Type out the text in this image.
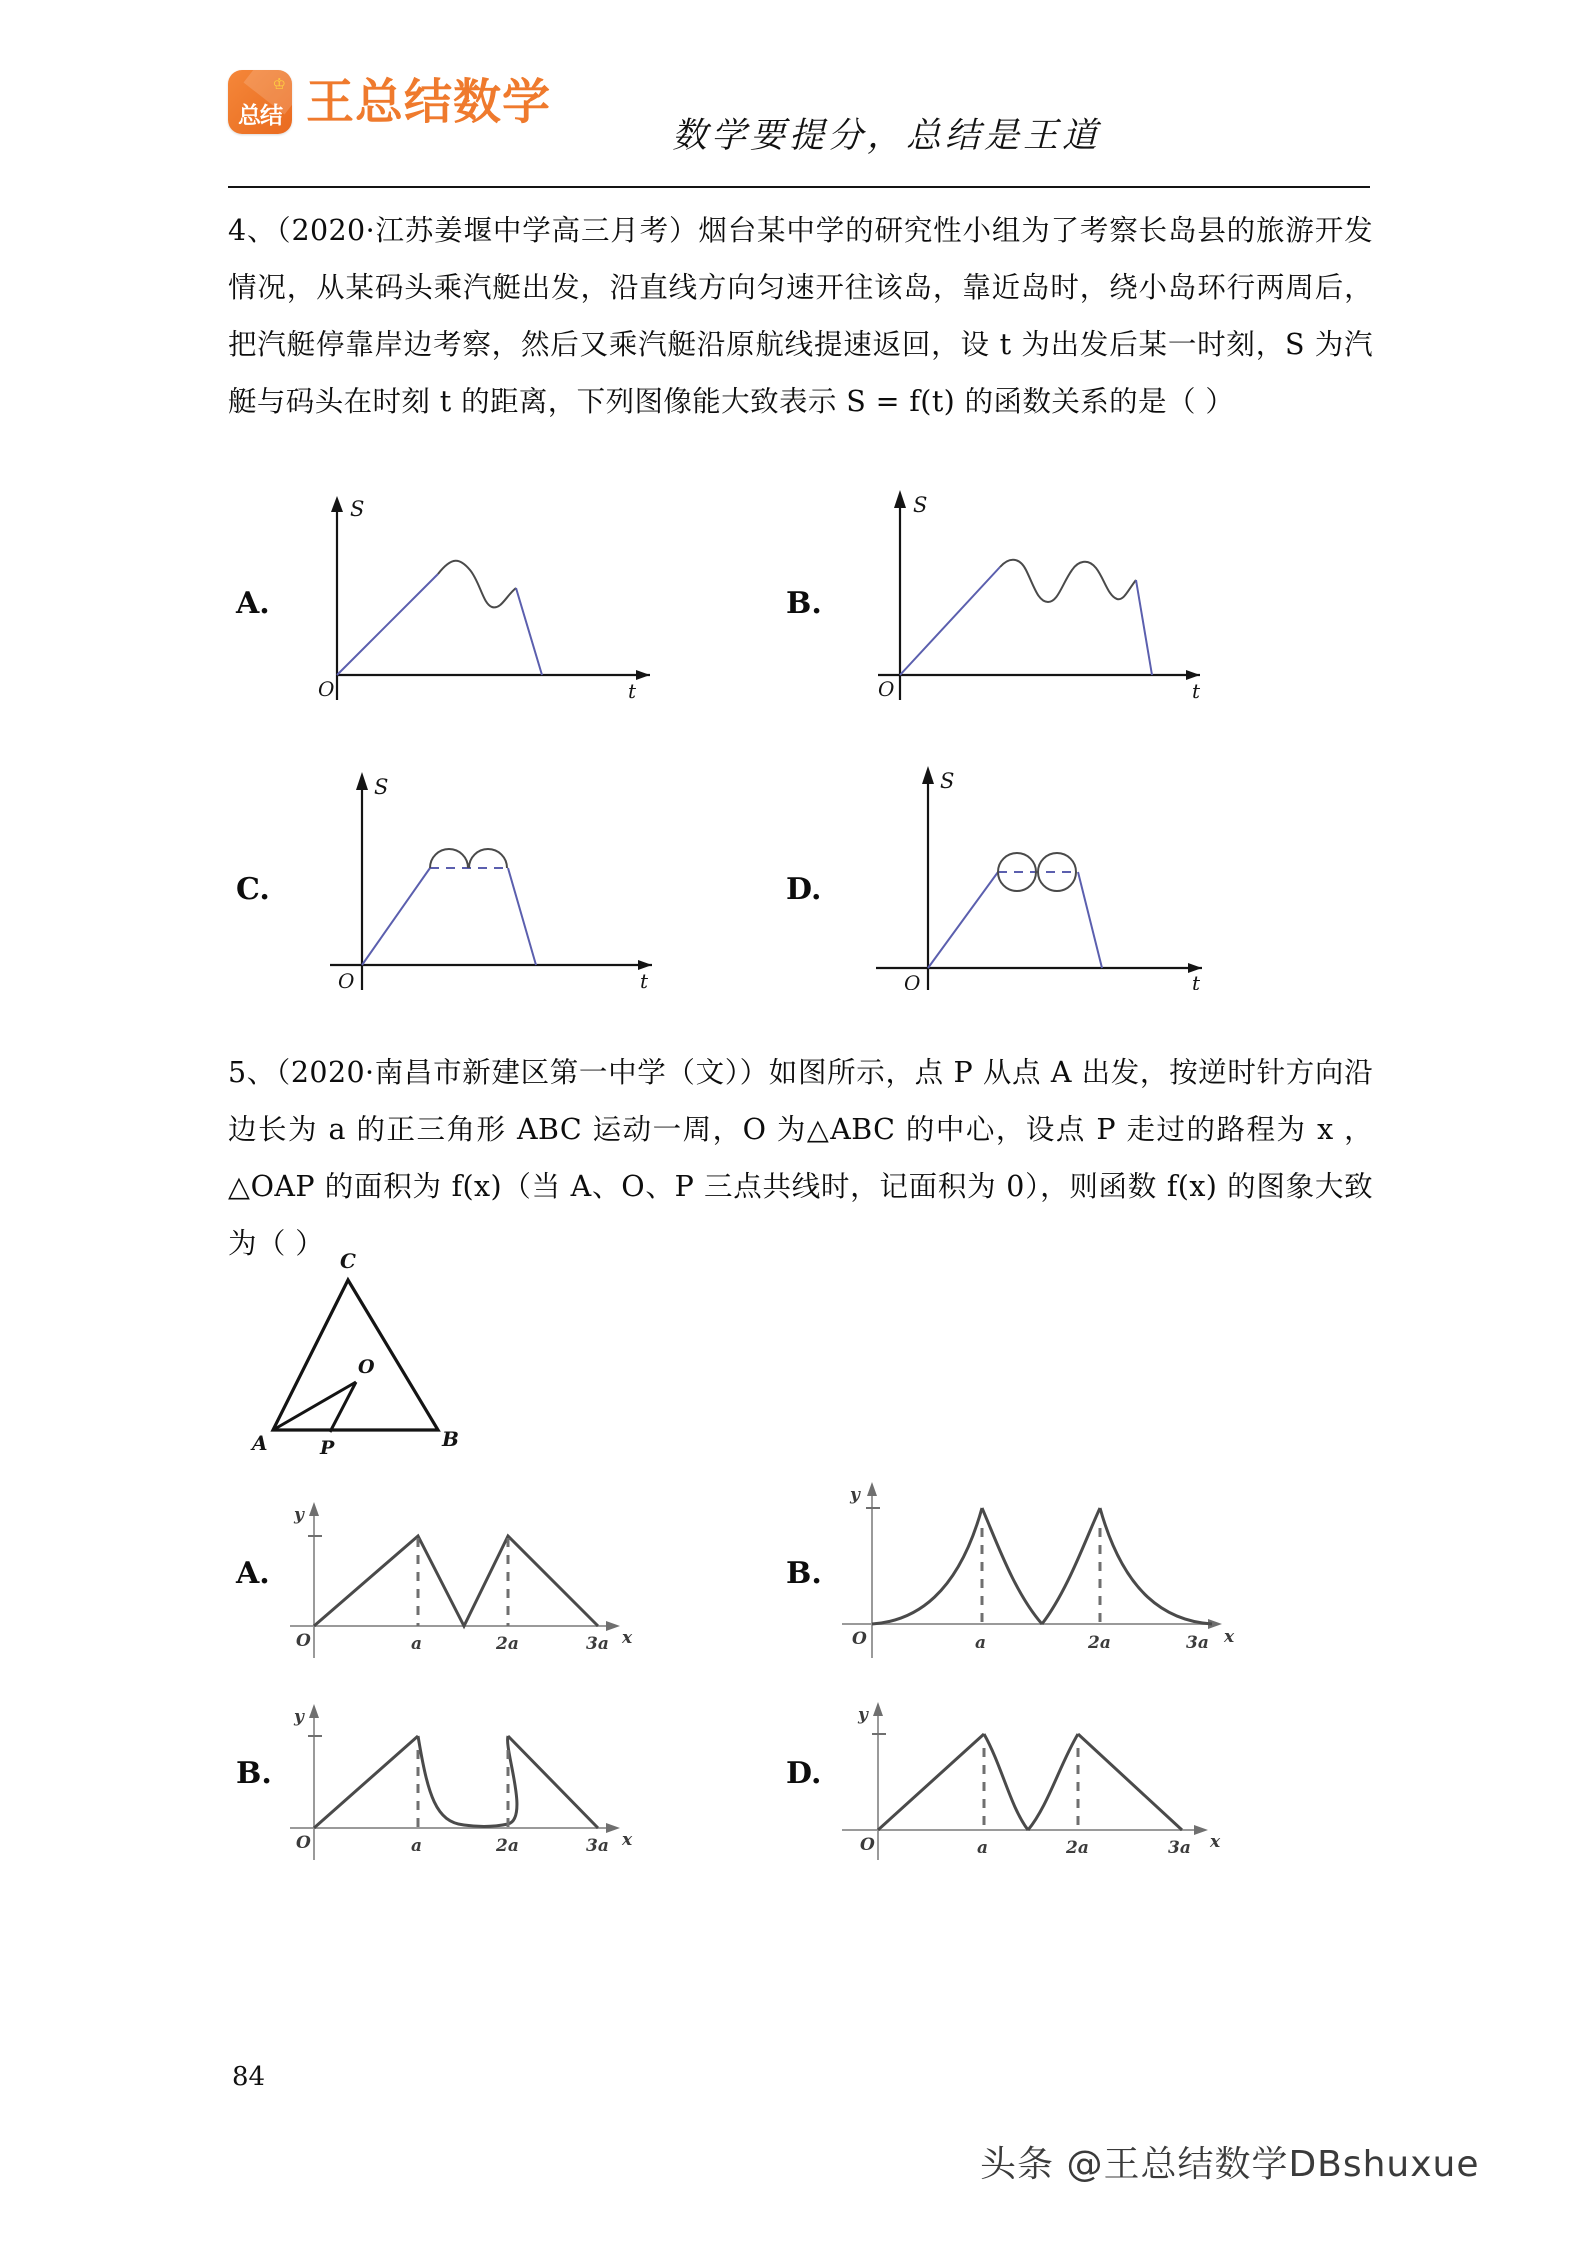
♔
总结 王总结数学
数学要提分，总结是王道
4、（2020·江苏姜堰中学高三月考）烟台某中学的研究性小组为了考察长岛县的旅游开发情况，从某码头乘汽艇出发，沿直线方向匀速开往该岛，靠近岛时，绕小岛环行两周后，把汽艇停靠岸边考察，然后又乘汽艇沿原航线提速返回，设 t 为出发后某一时刻，S 为汽艇与码头在时刻 t 的距离，下列图像能大致表示 S = f(t) 的函数关系的是（ ）
A.
S
O	t
B.
S
O	t
C.
S
O	t
D.
S
O	t
5、（2020·南昌市新建区第一中学（文））如图所示，点 P 从点 A 出发，按逆时针方向沿边长为 a 的正三角形 ABC 运动一周，O 为△ABC 的中心，设点 P 走过的路程为 x ，△OAP 的面积为 f(x)（当 A、O、P 三点共线时，记面积为 0），则函数 f(x) 的图象大致为（ ）
C
A	B
O
P
A.
y
O	x
a	2a	3a
B.
y
O	x
a	2a	3a
B.
y
O	x
a	2a	3a
D.
y
O	x
a	2a	3a
84
头条 @王总结数学DBshuxue
